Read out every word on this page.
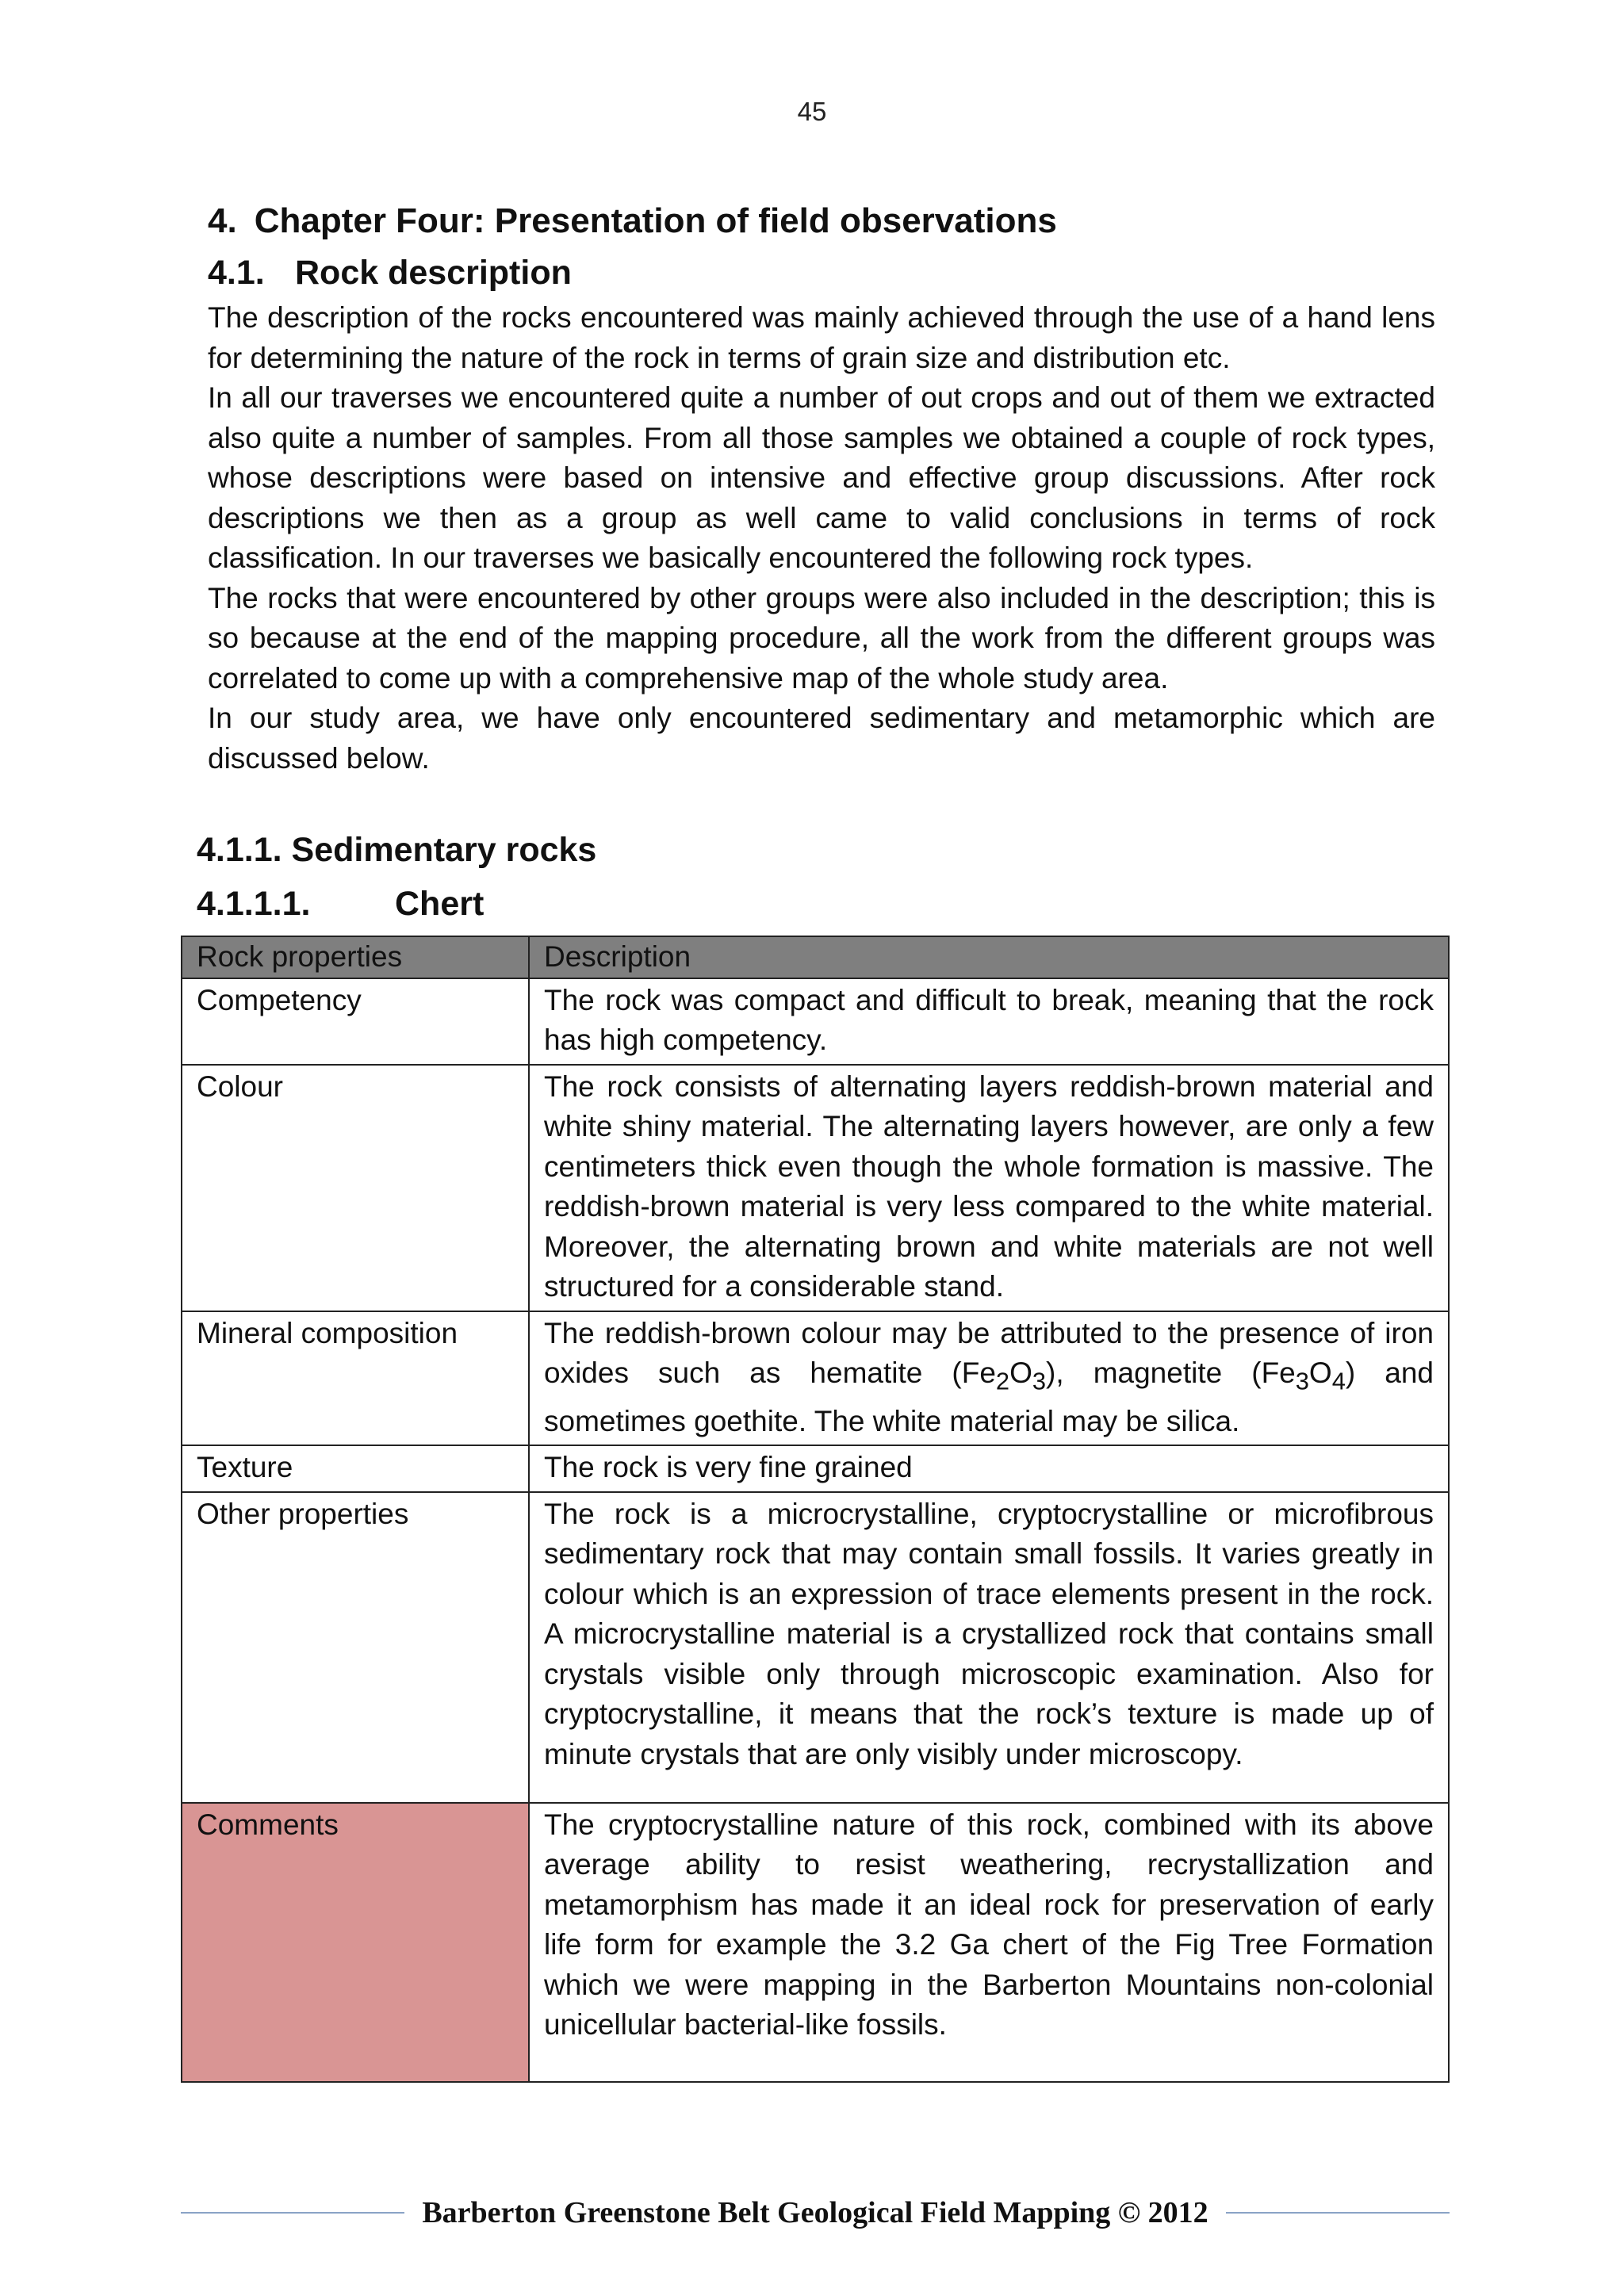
45
4. Chapter Four: Presentation of field observations
4.1. Rock description

The description of the rocks encountered was mainly achieved through the use of a hand lens for determining the nature of the rock in terms of grain size and distribution etc.

In all our traverses we encountered quite a number of out crops and out of them we extracted also quite a number of samples. From all those samples we obtained a couple of rock types, whose descriptions were based on intensive and effective group discussions. After rock descriptions we then as a group as well came to valid conclusions in terms of rock classification. In our traverses we basically encountered the following rock types.

The rocks that were encountered by other groups were also included in the description; this is so because at the end of the mapping procedure, all the work from the different groups was correlated to come up with a comprehensive map of the whole study area.

In our study area, we have only encountered sedimentary and metamorphic which are discussed below.

4.1.1. Sedimentary rocks
4.1.1.1. Chert
Rock properties	Description
Competency	The rock was compact and difficult to break, meaning that the rock has high competency.
Colour	The rock consists of alternating layers reddish-brown material and white shiny material. The alternating layers however, are only a few centimeters thick even though the whole formation is massive. The reddish-brown material is very less compared to the white material. Moreover, the alternating brown and white materials are not well structured for a considerable stand.
Mineral composition	The reddish-brown colour may be attributed to the presence of iron oxides such as hematite $(Fe_2O_3)$, magnetite $(Fe_3O_4)$ and sometimes goethite. The white material may be silica.
Texture	The rock is very fine grained
Other properties	The rock is a microcrystalline, cryptocrystalline or microfibrous sedimentary rock that may contain small fossils. It varies greatly in colour which is an expression of trace elements present in the rock. A microcrystalline material is a crystallized rock that contains small crystals visible only through microscopic examination. Also for cryptocrystalline, it means that the rock’s texture is made up of minute crystals that are only visibly under microscopy.
Comments	The cryptocrystalline nature of this rock, combined with its above average ability to resist weathering, recrystallization and metamorphism has made it an ideal rock for preservation of early life form for example the 3.2 Ga chert of the Fig Tree Formation which we were mapping in the Barberton Mountains non-colonial unicellular bacterial-like fossils.
Barberton Greenstone Belt Geological Field Mapping © 2012
